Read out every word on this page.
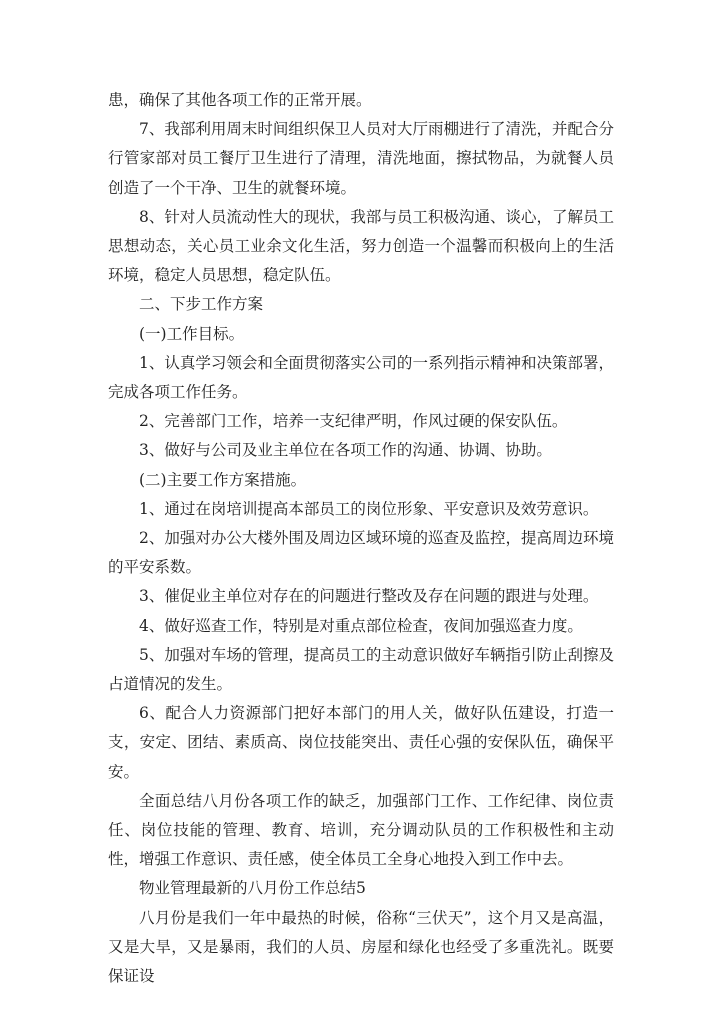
患，确保了其他各项工作的正常开展。

7、我部利用周末时间组织保卫人员对大厅雨棚进行了清洗，并配合分行管家部对员工餐厅卫生进行了清理，清洗地面，擦拭物品，为就餐人员创造了一个干净、卫生的就餐环境。

8、针对人员流动性大的现状，我部与员工积极沟通、谈心，了解员工思想动态，关心员工业余文化生活，努力创造一个温馨而积极向上的生活环境，稳定人员思想，稳定队伍。

二、下步工作方案

(一)工作目标。

1、认真学习领会和全面贯彻落实公司的一系列指示精神和决策部署，完成各项工作任务。

2、完善部门工作，培养一支纪律严明，作风过硬的保安队伍。

3、做好与公司及业主单位在各项工作的沟通、协调、协助。

(二)主要工作方案措施。

1、通过在岗培训提高本部员工的岗位形象、平安意识及效劳意识。

2、加强对办公大楼外围及周边区域环境的巡查及监控，提高周边环境的平安系数。

3、催促业主单位对存在的问题进行整改及存在问题的跟进与处理。

4、做好巡查工作，特别是对重点部位检查，夜间加强巡查力度。

5、加强对车场的管理，提高员工的主动意识做好车辆指引防止刮擦及占道情况的发生。

6、配合人力资源部门把好本部门的用人关，做好队伍建设，打造一支，安定、团结、素质高、岗位技能突出、责任心强的安保队伍，确保平安。

全面总结八月份各项工作的缺乏，加强部门工作、工作纪律、岗位责任、岗位技能的管理、教育、培训，充分调动队员的工作积极性和主动性，增强工作意识、责任感，使全体员工全身心地投入到工作中去。

物业管理最新的八月份工作总结5

八月份是我们一年中最热的时候，俗称“三伏天”，这个月又是高温，又是大旱，又是暴雨，我们的人员、房屋和绿化也经受了多重洗礼。既要保证设
